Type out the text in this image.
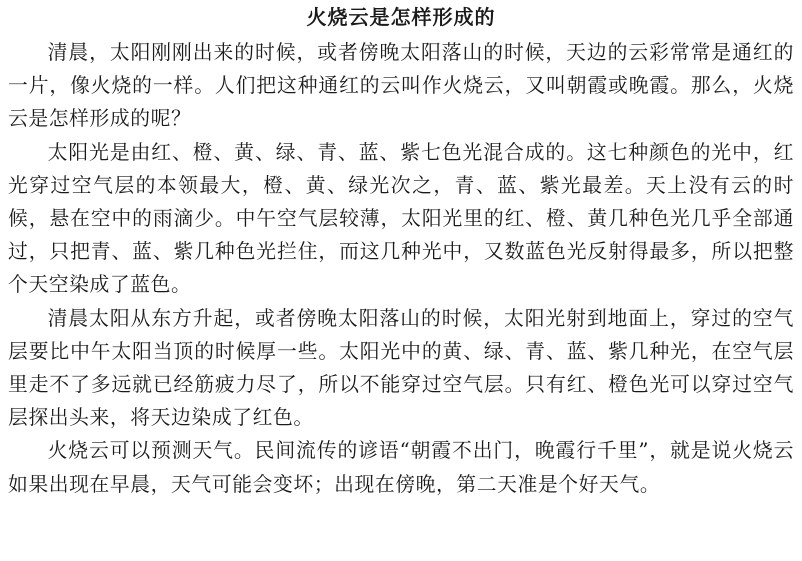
火烧云是怎样形成的

清晨，太阳刚刚出来的时候，或者傍晚太阳落山的时候，天边的云彩常常是通红的一片，像火烧的一样。人们把这种通红的云叫作火烧云，又叫朝霞或晚霞。那么，火烧云是怎样形成的呢？

太阳光是由红、橙、黄、绿、青、蓝、紫七色光混合成的。这七种颜色的光中，红光穿过空气层的本领最大，橙、黄、绿光次之，青、蓝、紫光最差。天上没有云的时候，悬在空中的雨滴少。中午空气层较薄，太阳光里的红、橙、黄几种色光几乎全部通过，只把青、蓝、紫几种色光拦住，而这几种光中，又数蓝色光反射得最多，所以把整个天空染成了蓝色。

清晨太阳从东方升起，或者傍晚太阳落山的时候，太阳光射到地面上，穿过的空气层要比中午太阳当顶的时候厚一些。太阳光中的黄、绿、青、蓝、紫几种光，在空气层里走不了多远就已经筋疲力尽了，所以不能穿过空气层。只有红、橙色光可以穿过空气层探出头来，将天边染成了红色。

火烧云可以预测天气。民间流传的谚语“朝霞不出门，晚霞行千里”，就是说火烧云如果出现在早晨，天气可能会变坏；出现在傍晚，第二天准是个好天气。
